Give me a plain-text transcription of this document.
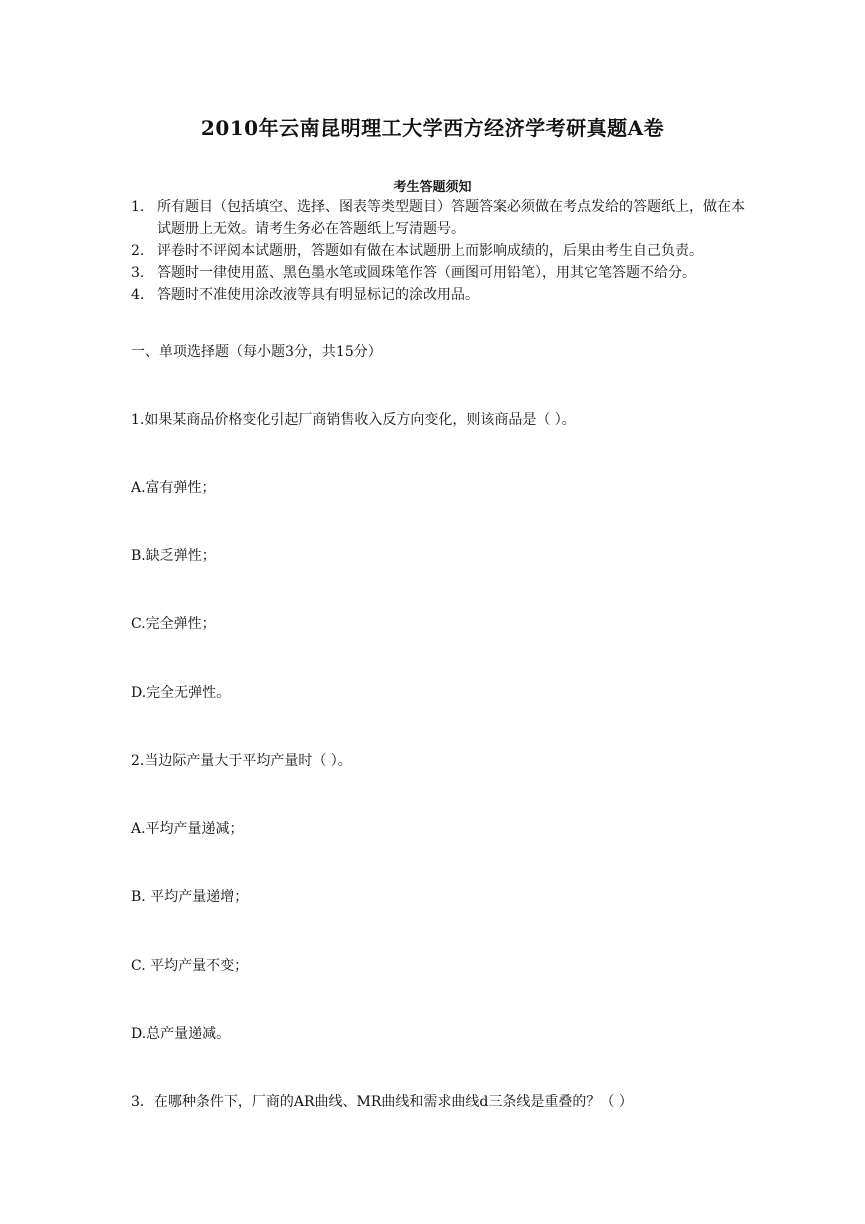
2010年云南昆明理工大学西方经济学考研真题A卷
考生答题须知
1. 所有题目（包括填空、选择、图表等类型题目）答题答案必须做在考点发给的答题纸上，做在本试题册上无效。请考生务必在答题纸上写清题号。
2. 评卷时不评阅本试题册，答题如有做在本试题册上而影响成绩的，后果由考生自己负责。
3. 答题时一律使用蓝、黑色墨水笔或圆珠笔作答（画图可用铅笔），用其它笔答题不给分。
4. 答题时不准使用涂改液等具有明显标记的涂改用品。
一、单项选择题（每小题3分，共15分）
1.如果某商品价格变化引起厂商销售收入反方向变化，则该商品是（ ）。
A.富有弹性；
B.缺乏弹性；
C.完全弹性；
D.完全无弹性。
2.当边际产量大于平均产量时（ ）。
A.平均产量递减；
B. 平均产量递增；
C. 平均产量不变；
D.总产量递减。
3．在哪种条件下，厂商的AR曲线、MR曲线和需求曲线d三条线是重叠的？（ ）
